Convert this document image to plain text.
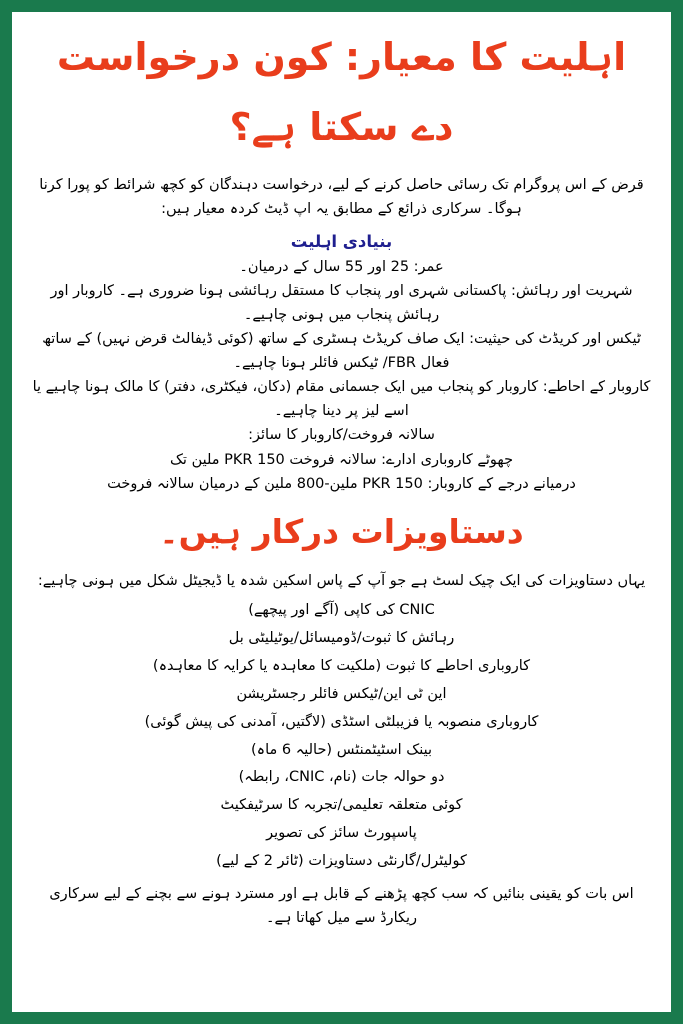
اہلیت کا معیار: کون درخواست دے سکتا ہے؟

قرض کے اس پروگرام تک رسائی حاصل کرنے کے لیے، درخواست دہندگان کو کچھ شرائط کو پورا کرنا ہوگا۔ سرکاری ذرائع کے مطابق یہ اپ ڈیٹ کردہ معیار ہیں:

بنیادی اہلیت
عمر: 25 اور 55 سال کے درمیان۔
شہریت اور رہائش: پاکستانی شہری اور پنجاب کا مستقل رہائشی ہونا ضروری ہے۔ کاروبار اور رہائش پنجاب میں ہونی چاہیے۔
ٹیکس اور کریڈٹ کی حیثیت: ایک صاف کریڈٹ ہسٹری کے ساتھ (کوئی ڈیفالٹ قرض نہیں) کے ساتھ فعال FBR/ ٹیکس فائلر ہونا چاہیے۔
کاروبار کے احاطے: کاروبار کو پنجاب میں ایک جسمانی مقام (دکان، فیکٹری، دفتر) کا مالک ہونا چاہیے یا اسے لیز پر دینا چاہیے۔
سالانہ فروخت/کاروبار کا سائز:
چھوٹے کاروباری ادارے: سالانہ فروخت PKR 150 ملین تک
درمیانے درجے کے کاروبار: PKR 150 ملین-800 ملین کے درمیان سالانہ فروخت
دستاویزات درکار ہیں۔

یہاں دستاویزات کی ایک چیک لسٹ ہے جو آپ کے پاس اسکین شدہ یا ڈیجیٹل شکل میں ہونی چاہیے:

CNIC کی کاپی (آگے اور پیچھے)
رہائش کا ثبوت/ڈومیسائل/یوٹیلیٹی بل
کاروباری احاطے کا ثبوت (ملکیت کا معاہدہ یا کرایہ کا معاہدہ)
این ٹی این/ٹیکس فائلر رجسٹریشن
کاروباری منصوبہ یا فزیبلٹی اسٹڈی (لاگتیں، آمدنی کی پیش گوئی)
بینک اسٹیٹمنٹس (حالیہ 6 ماہ)
دو حوالہ جات (نام، CNIC، رابطہ)
کوئی متعلقہ تعلیمی/تجربہ کا سرٹیفکیٹ
پاسپورٹ سائز کی تصویر
کولیٹرل/گارنٹی دستاویزات (ٹائر 2 کے لیے)

اس بات کو یقینی بنائیں کہ سب کچھ پڑھنے کے قابل ہے اور مسترد ہونے سے بچنے کے لیے سرکاری ریکارڈ سے میل کھاتا ہے۔
